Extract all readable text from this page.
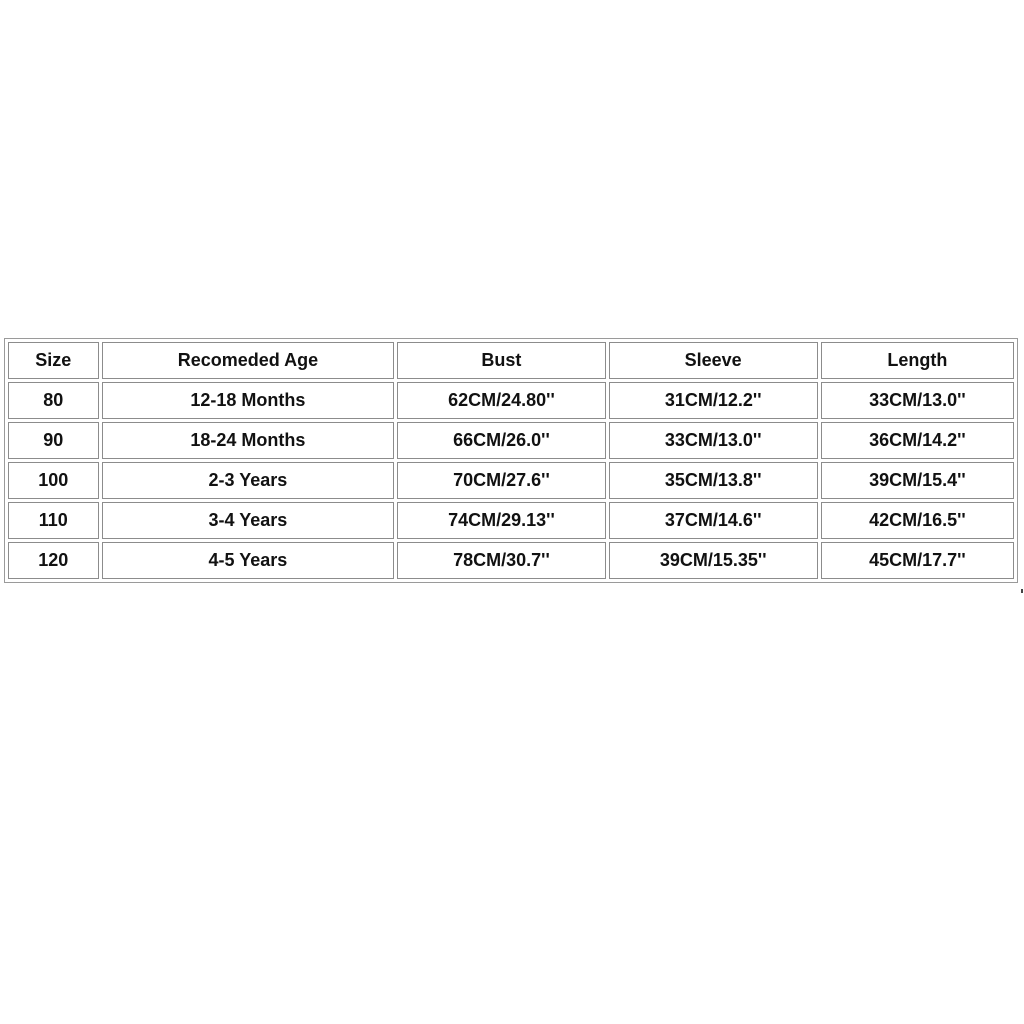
Size	Recomeded Age	Bust	Sleeve	Length
80	12-18 Months	62CM/24.80''	31CM/12.2''	33CM/13.0''
90	18-24 Months	66CM/26.0''	33CM/13.0''	36CM/14.2''
100	2-3 Years	70CM/27.6''	35CM/13.8''	39CM/15.4''
110	3-4 Years	74CM/29.13''	37CM/14.6''	42CM/16.5''
120	4-5 Years	78CM/30.7''	39CM/15.35''	45CM/17.7''
